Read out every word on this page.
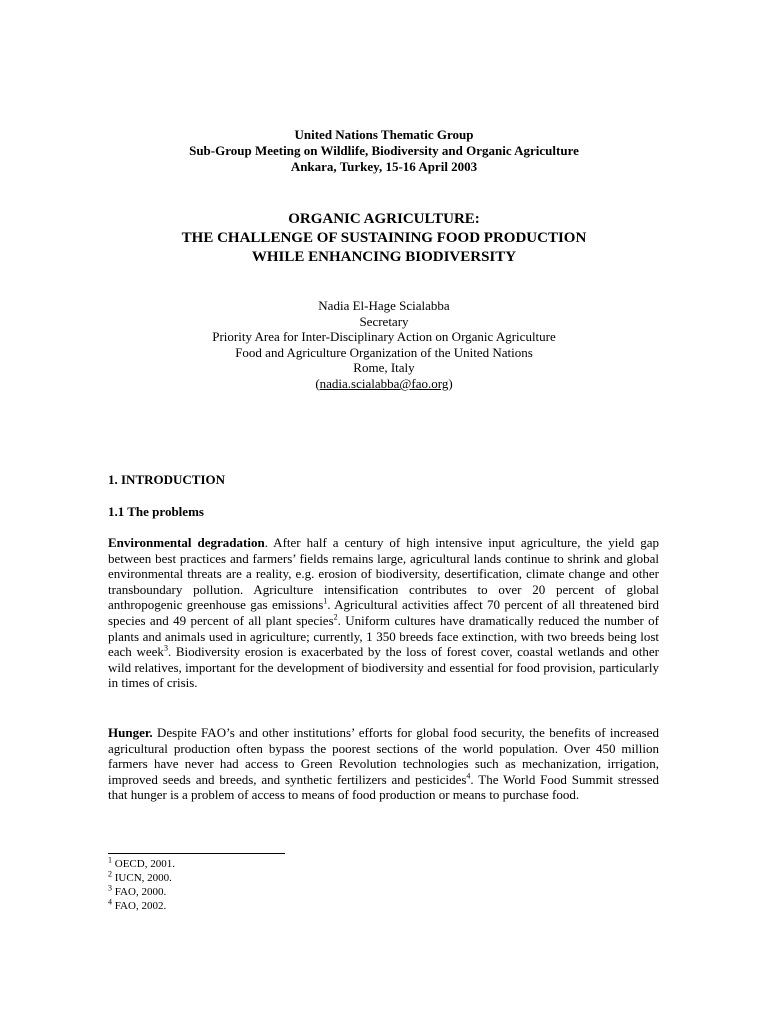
United Nations Thematic Group
Sub-Group Meeting on Wildlife, Biodiversity and Organic Agriculture
Ankara, Turkey, 15-16 April 2003
ORGANIC AGRICULTURE:
THE CHALLENGE OF SUSTAINING FOOD PRODUCTION
WHILE ENHANCING BIODIVERSITY
Nadia El-Hage Scialabba
Secretary
Priority Area for Inter-Disciplinary Action on Organic Agriculture
Food and Agriculture Organization of the United Nations
Rome, Italy
(nadia.scialabba@fao.org)
1. INTRODUCTION
1.1 The problems
Environmental degradation. After half a century of high intensive input agriculture, the yield gap between best practices and farmers’ fields remains large, agricultural lands continue to shrink and global environmental threats are a reality, e.g. erosion of biodiversity, desertification, climate change and other transboundary pollution. Agriculture intensification contributes to over 20 percent of global anthropogenic greenhouse gas emissions$^1$. Agricultural activities affect 70 percent of all threatened bird species and 49 percent of all plant species$^2$. Uniform cultures have dramatically reduced the number of plants and animals used in agriculture; currently, 1 350 breeds face extinction, with two breeds being lost each week$^3$. Biodiversity erosion is exacerbated by the loss of forest cover, coastal wetlands and other wild relatives, important for the development of biodiversity and essential for food provision, particularly in times of crisis.
Hunger. Despite FAO’s and other institutions’ efforts for global food security, the benefits of increased agricultural production often bypass the poorest sections of the world population. Over 450 million farmers have never had access to Green Revolution technologies such as mechanization, irrigation, improved seeds and breeds, and synthetic fertilizers and pesticides$^4$. The World Food Summit stressed that hunger is a problem of access to means of food production or means to purchase food.
$^1$ OECD, 2001.
$^2$ IUCN, 2000.
$^3$ FAO, 2000.
$^4$ FAO, 2002.
